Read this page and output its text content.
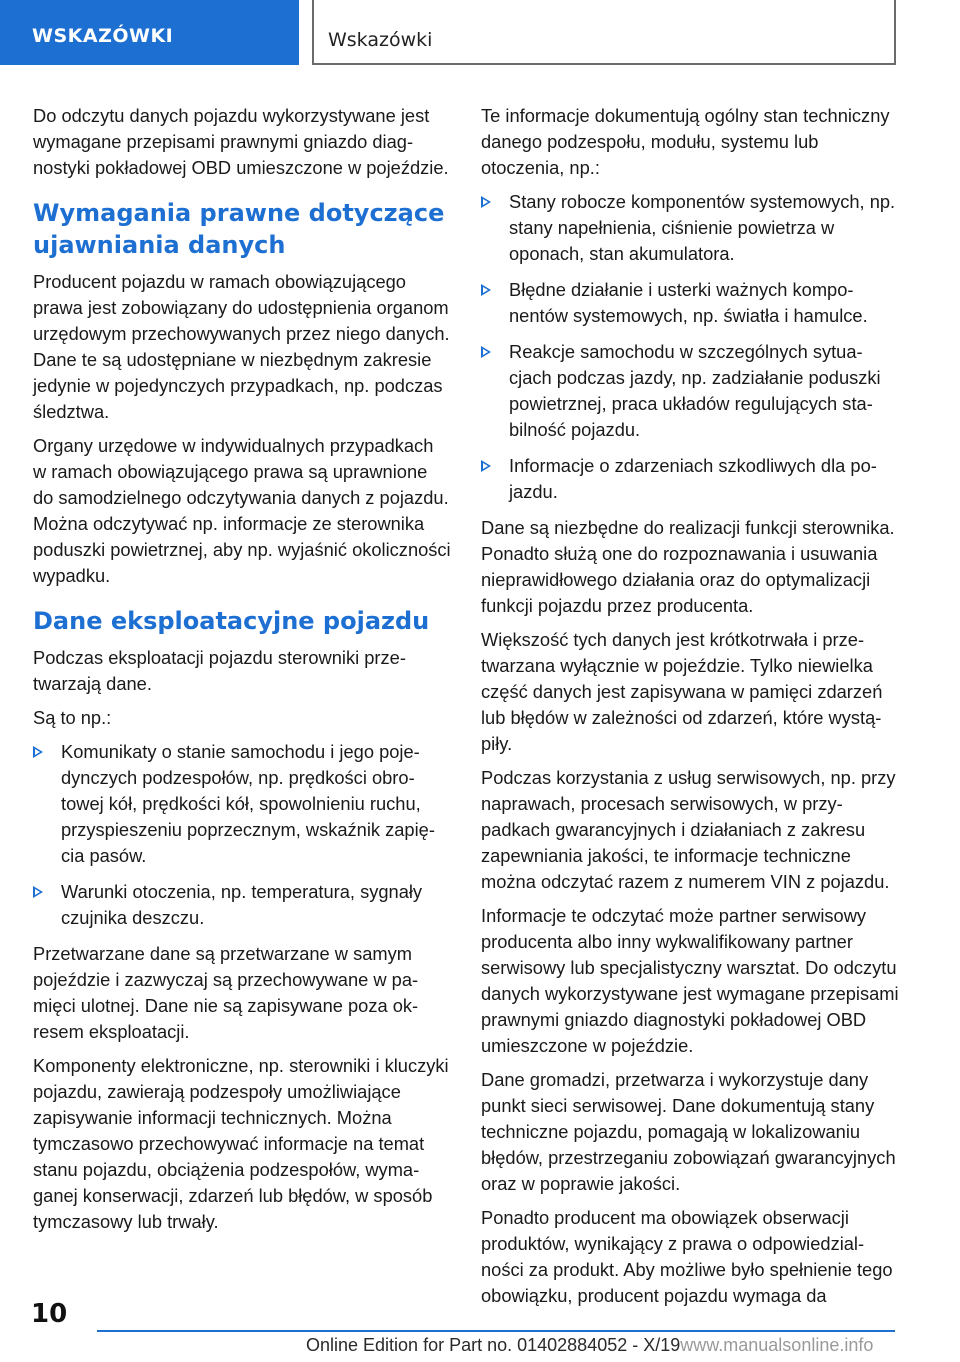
WSKAZÓWKI	Wskazówki

Do odczytu danych pojazdu wykorzystywane jest wymagane przepisami prawnymi gniazdo diagnostyki pokładowej OBD umieszczone w pojeździe.

Wymagania prawne dotyczące ujawniania danych

Producent pojazdu w ramach obowiązującego prawa jest zobowiązany do udostępnienia organom urzędowym przechowywanych przez niego danych. Dane te są udostępniane w niezbędnym zakresie jedynie w pojedynczych przypadkach, np. podczas śledztwa.

Organy urzędowe w indywidualnych przypadkach w ramach obowiązującego prawa są uprawnione do samodzielnego odczytywania danych z pojazdu. Można odczytywać np. informacje ze sterownika poduszki powietrznej, aby np. wyjaśnić okoliczności wypadku.

Dane eksploatacyjne pojazdu

Podczas eksploatacji pojazdu sterowniki przetwarzają dane.

Są to np.:

Komunikaty o stanie samochodu i jego pojedynczych podzespołów, np. prędkości obrotowej kół, prędkości kół, spowolnieniu ruchu, przyspieszeniu poprzecznym, wskaźnik zapięcia pasów.
Warunki otoczenia, np. temperatura, sygnały czujnika deszczu.

Przetwarzane dane są przetwarzane w samym pojeździe i zazwyczaj są przechowywane w pamięci ulotnej. Dane nie są zapisywane poza okresem eksploatacji.

Komponenty elektroniczne, np. sterowniki i kluczyki pojazdu, zawierają podzespoły umożliwiające zapisywanie informacji technicznych. Można tymczasowo przechowywać informacje na temat stanu pojazdu, obciążenia podzespołów, wymaganej konserwacji, zdarzeń lub błędów, w sposób tymczasowy lub trwały.

Te informacje dokumentują ogólny stan techniczny danego podzespołu, modułu, systemu lub otoczenia, np.:

Stany robocze komponentów systemowych, np. stany napełnienia, ciśnienie powietrza w oponach, stan akumulatora.
Błędne działanie i usterki ważnych komponentów systemowych, np. światła i hamulce.
Reakcje samochodu w szczególnych sytuacjach podczas jazdy, np. zadziałanie poduszki powietrznej, praca układów regulujących stabilność pojazdu.
Informacje o zdarzeniach szkodliwych dla pojazdu.

Dane są niezbędne do realizacji funkcji sterownika. Ponadto służą one do rozpoznawania i usuwania nieprawidłowego działania oraz do optymalizacji funkcji pojazdu przez producenta.

Większość tych danych jest krótkotrwała i przetwarzana wyłącznie w pojeździe. Tylko niewielka część danych jest zapisywana w pamięci zdarzeń lub błędów w zależności od zdarzeń, które wystąpiły.

Podczas korzystania z usług serwisowych, np. przy naprawach, procesach serwisowych, w przypadkach gwarancyjnych i działaniach z zakresu zapewniania jakości, te informacje techniczne można odczytać razem z numerem VIN z pojazdu.

Informacje te odczytać może partner serwisowy producenta albo inny wykwalifikowany partner serwisowy lub specjalistyczny warsztat. Do odczytu danych wykorzystywane jest wymagane przepisami prawnymi gniazdo diagnostyki pokładowej OBD umieszczone w pojeździe.

Dane gromadzi, przetwarza i wykorzystuje dany punkt sieci serwisowej. Dane dokumentują stany techniczne pojazdu, pomagają w lokalizowaniu błędów, przestrzeganiu zobowiązań gwarancyjnych oraz w poprawie jakości.

Ponadto producent ma obowiązek obserwacji produktów, wynikający z prawa o odpowiedzialności za produkt. Aby możliwe było spełnienie tego obowiązku, producent pojazdu wymaga da

10
Online Edition for Part no. 01402884052 - X/19www.manualsonline.info
